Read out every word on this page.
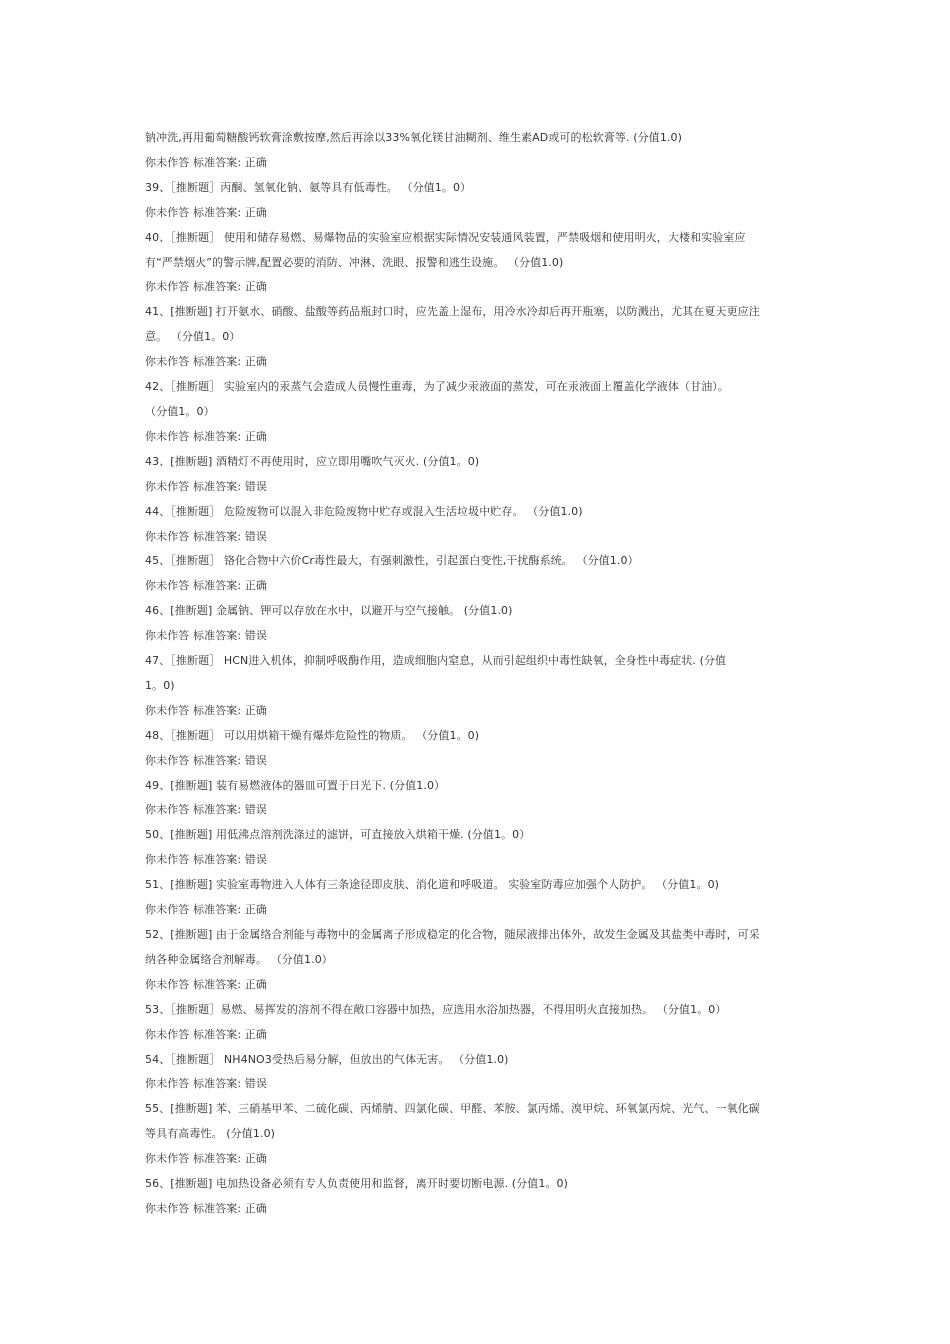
钠冲洗,再用葡萄糖酸钙软膏涂敷按摩,然后再涂以33%氧化镁甘油糊剂、维生素AD或可的松软膏等. (分值1.0)
你未作答 标准答案: 正确
39、［推断题］丙酮、氢氧化钠、氨等具有低毒性。 （分值1。0）
你未作答 标准答案: 正确
40、［推断题］ 使用和储存易燃、易爆物品的实验室应根据实际情况安装通风装置，严禁吸烟和使用明火，大楼和实验室应
有“严禁烟火”的警示牌,配置必要的消防、冲淋、洗眼、报警和逃生设施。 （分值1.0)
你未作答 标准答案: 正确
41、[推断题] 打开氨水、硝酸、盐酸等药品瓶封口时，应先盖上湿布，用冷水冷却后再开瓶塞，以防溅出，尤其在夏天更应注
意。 （分值1。0）
你未作答 标准答案: 正确
42、［推断题］ 实验室内的汞蒸气会造成人员慢性重毒，为了减少汞液面的蒸发，可在汞液面上覆盖化学液体（甘油）。
（分值1。0）
你未作答 标准答案: 正确
43、[推断题] 酒精灯不再使用时，应立即用嘴吹气灭火. (分值1。0)
你未作答 标准答案: 错误
44、［推断题］ 危险废物可以混入非危险废物中贮存或混入生活垃圾中贮存。 （分值1.0)
你未作答 标准答案: 错误
45、［推断题］ 铬化合物中六价Cr毒性最大，有强刺激性，引起蛋白变性,干扰酶系统。 （分值1.0）
你未作答 标准答案: 正确
46、[推断题] 金属钠、钾可以存放在水中，以避开与空气接触。 (分值1.0)
你未作答 标准答案: 错误
47、［推断题］ HCN进入机体，抑制呼吸酶作用，造成细胞内窒息，从而引起组织中毒性缺氧，全身性中毒症状. (分值
1。0)
你未作答 标准答案: 正确
48、［推断题］ 可以用烘箱干燥有爆炸危险性的物质。 （分值1。0)
你未作答 标准答案: 错误
49、[推断题] 装有易燃液体的器皿可置于日光下. (分值1.0）
你未作答 标准答案: 错误
50、[推断题] 用低沸点溶剂洗涤过的滤饼，可直接放入烘箱干燥. (分值1。0）
你未作答 标准答案: 错误
51、[推断题] 实验室毒物进入人体有三条途径即皮肤、消化道和呼吸道。 实验室防毒应加强个人防护。 （分值1。0)
你未作答 标准答案: 正确
52、[推断题] 由于金属络合剂能与毒物中的金属离子形成稳定的化合物，随尿液排出体外，故发生金属及其盐类中毒时，可采
纳各种金属络合剂解毒。 （分值1.0）
你未作答 标准答案: 正确
53、［推断题］易燃、易挥发的溶剂不得在敞口容器中加热，应选用水浴加热器，不得用明火直接加热。 （分值1。0）
你未作答 标准答案: 正确
54、［推断题］ NH4NO3受热后易分解，但放出的气体无害。 （分值1.0)
你未作答 标准答案: 错误
55、[推断题] 苯、三硝基甲苯、二硫化碳、丙烯腈、四氯化碳、甲醛、苯胺、氯丙烯、溴甲烷、环氧氯丙烷、光气、一氧化碳
等具有高毒性。 (分值1.0)
你未作答 标准答案: 正确
56、[推断题] 电加热设备必须有专人负责使用和监督，离开时要切断电源. (分值1。0)
你未作答 标准答案: 正确
